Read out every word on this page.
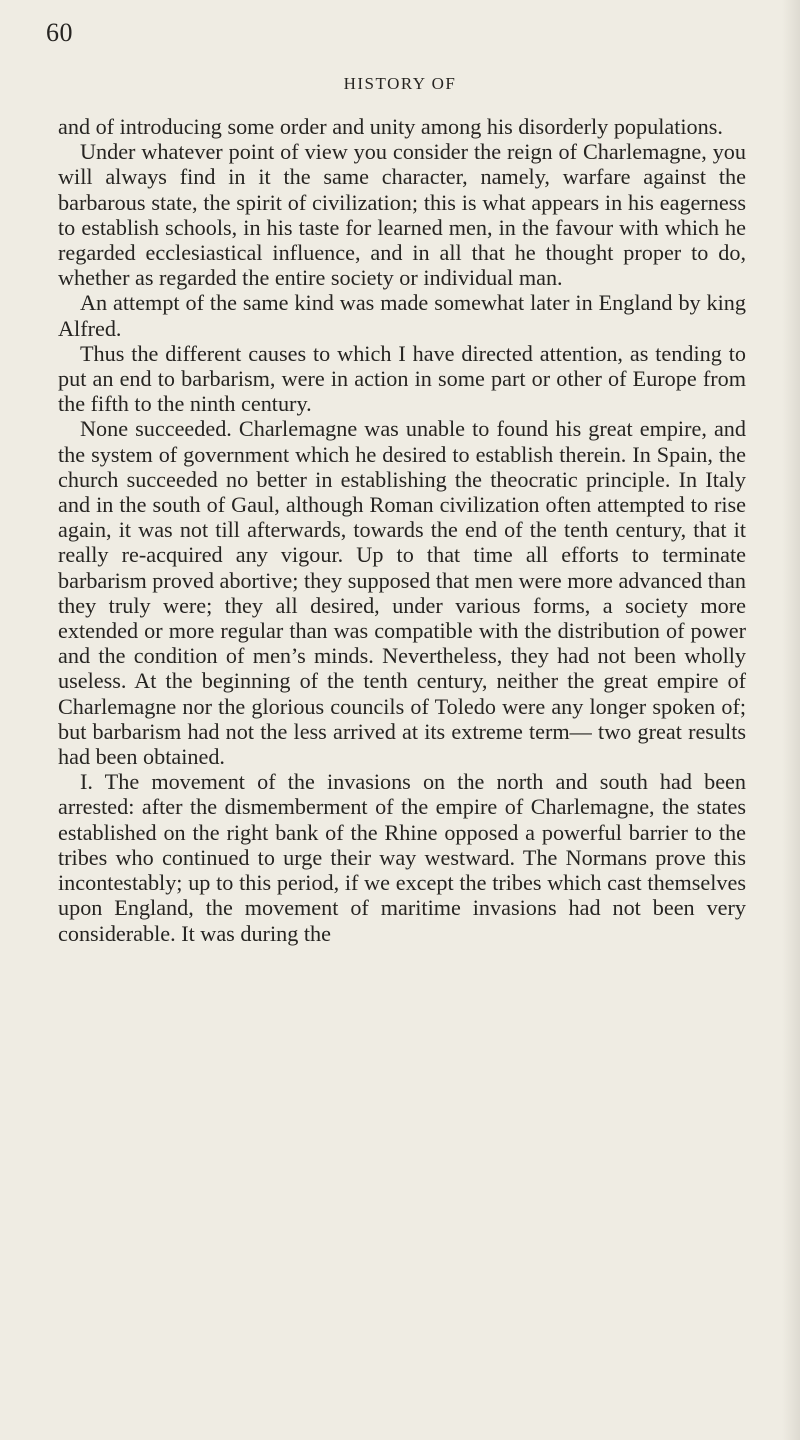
60
HISTORY OF

and of introducing some order and unity among his disorderly populations.

Under whatever point of view you consider the reign of Charlemagne, you will always find in it the same character, namely, warfare against the barbarous state, the spirit of civilization; this is what appears in his eagerness to establish schools, in his taste for learned men, in the favour with which he regarded ecclesiastical influence, and in all that he thought proper to do, whether as regarded the entire society or individual man.

An attempt of the same kind was made somewhat later in England by king Alfred.

Thus the different causes to which I have directed attention, as tending to put an end to barbarism, were in action in some part or other of Europe from the fifth to the ninth century.

None succeeded. Charlemagne was unable to found his great empire, and the system of government which he desired to establish therein. In Spain, the church succeeded no better in establishing the theocratic principle. In Italy and in the south of Gaul, although Roman civilization often attempted to rise again, it was not till afterwards, towards the end of the tenth century, that it really re-acquired any vigour. Up to that time all efforts to terminate barbarism proved abortive; they supposed that men were more advanced than they truly were; they all desired, under various forms, a society more extended or more regular than was compatible with the distribution of power and the condition of men’s minds. Nevertheless, they had not been wholly useless. At the beginning of the tenth century, neither the great empire of Charlemagne nor the glorious councils of Toledo were any longer spoken of; but barbarism had not the less arrived at its extreme term— two great results had been obtained.

I. The movement of the invasions on the north and south had been arrested: after the dismemberment of the empire of Charlemagne, the states established on the right bank of the Rhine opposed a powerful barrier to the tribes who continued to urge their way westward. The Normans prove this incontestably; up to this period, if we except the tribes which cast themselves upon England, the movement of maritime invasions had not been very considerable. It was during the
